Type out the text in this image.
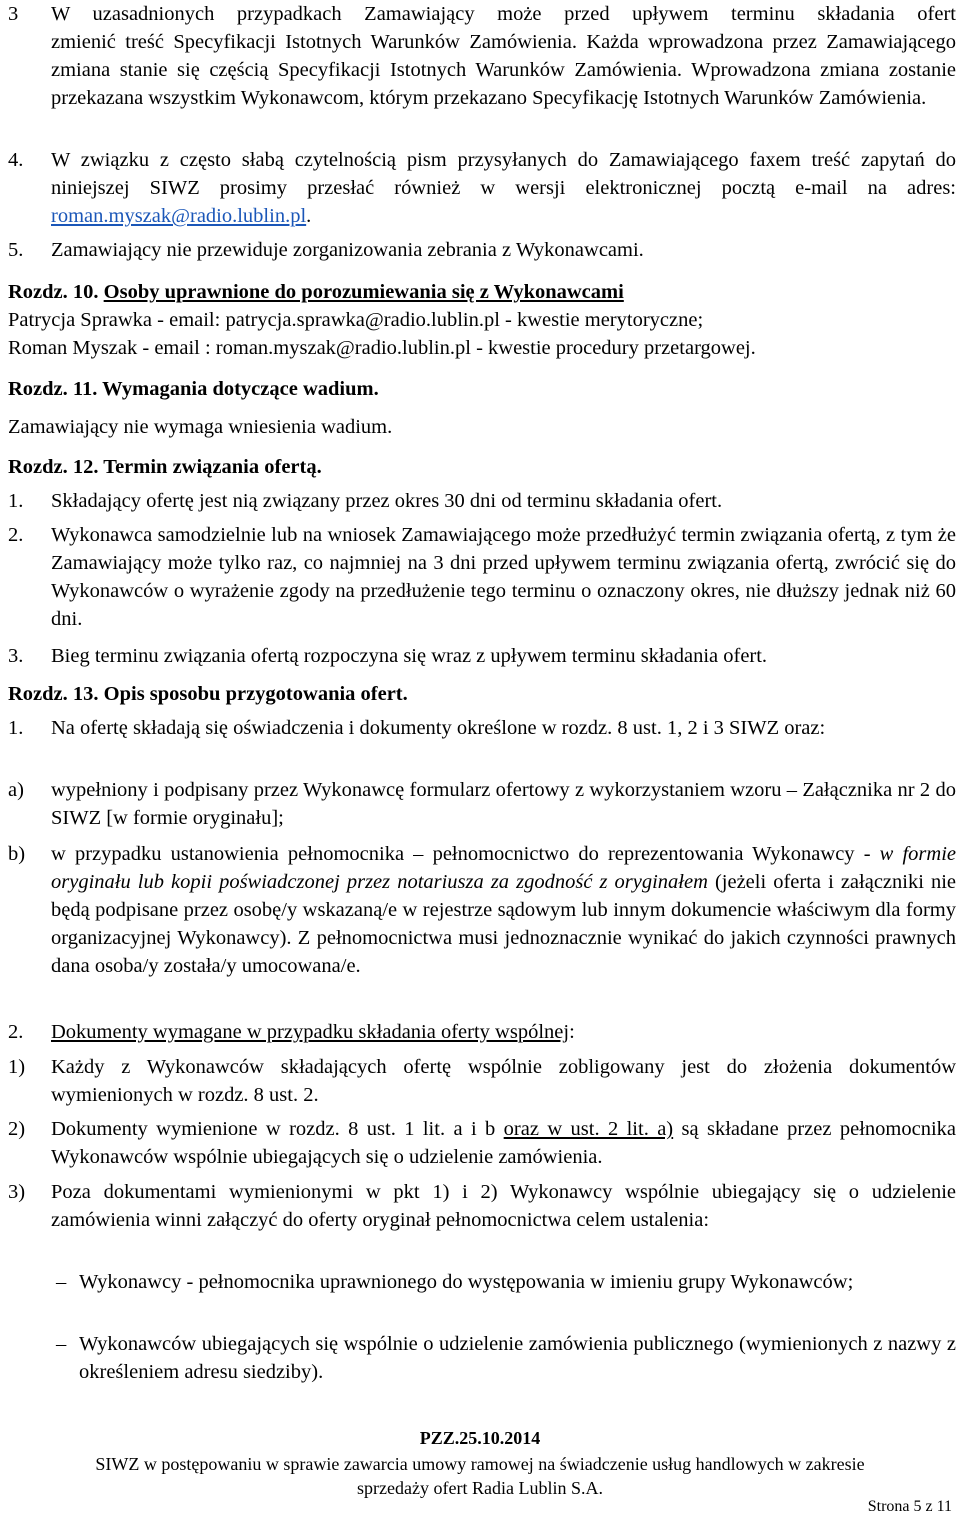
3 W uzasadnionych przypadkach Zamawiający może przed upływem terminu składania ofert
zmienić treść Specyfikacji Istotnych Warunków Zamówienia. Każda wprowadzona przez Zamawiającego zmiana stanie się częścią Specyfikacji Istotnych Warunków Zamówienia. Wprowadzona zmiana zostanie przekazana wszystkim Wykonawcom, którym przekazano Specyfikację Istotnych Warunków Zamówienia.
4. W związku z często słabą czytelnością pism przysyłanych do Zamawiającego faxem treść zapytań do niniejszej SIWZ prosimy przesłać również w wersji elektronicznej pocztą e-mail na adres: roman.myszak@radio.lublin.pl.
5. Zamawiający nie przewiduje zorganizowania zebrania z Wykonawcami.
Rozdz. 10. Osoby uprawnione do porozumiewania się z Wykonawcami
Patrycja Sprawka - email: patrycja.sprawka@radio.lublin.pl - kwestie merytoryczne;
Roman Myszak - email : roman.myszak@radio.lublin.pl - kwestie procedury przetargowej.
Rozdz. 11. Wymagania dotyczące wadium.
Zamawiający nie wymaga wniesienia wadium.
Rozdz. 12. Termin związania ofertą.
1. Składający ofertę jest nią związany przez okres 30 dni od terminu składania ofert.
2. Wykonawca samodzielnie lub na wniosek Zamawiającego może przedłużyć termin związania ofertą, z tym że Zamawiający może tylko raz, co najmniej na 3 dni przed upływem terminu związania ofertą, zwrócić się do Wykonawców o wyrażenie zgody na przedłużenie tego terminu o oznaczony okres, nie dłuższy jednak niż 60 dni.
3. Bieg terminu związania ofertą rozpoczyna się wraz z upływem terminu składania ofert.
Rozdz. 13. Opis sposobu przygotowania ofert.
1. Na ofertę składają się oświadczenia i dokumenty określone w rozdz. 8 ust. 1, 2 i 3 SIWZ oraz:
a) wypełniony i podpisany przez Wykonawcę formularz ofertowy z wykorzystaniem wzoru – Załącznika nr 2 do SIWZ [w formie oryginału];
b) w przypadku ustanowienia pełnomocnika – pełnomocnictwo do reprezentowania Wykonawcy - w formie oryginału lub kopii poświadczonej przez notariusza za zgodność z oryginałem (jeżeli oferta i załączniki nie będą podpisane przez osobę/y wskazaną/e w rejestrze sądowym lub innym dokumencie właściwym dla formy organizacyjnej Wykonawcy). Z pełnomocnictwa musi jednoznacznie wynikać do jakich czynności prawnych dana osoba/y została/y umocowana/e.
2. Dokumenty wymagane w przypadku składania oferty wspólnej:
1) Każdy z Wykonawców składających ofertę wspólnie zobligowany jest do złożenia dokumentów wymienionych w rozdz. 8 ust. 2.
2) Dokumenty wymienione w rozdz. 8 ust. 1 lit. a i b oraz w ust. 2 lit. a) są składane przez pełnomocnika Wykonawców wspólnie ubiegających się o udzielenie zamówienia.
3) Poza dokumentami wymienionymi w pkt 1) i 2) Wykonawcy wspólnie ubiegający się o udzielenie zamówienia winni załączyć do oferty oryginał pełnomocnictwa celem ustalenia:
– Wykonawcy - pełnomocnika uprawnionego do występowania w imieniu grupy Wykonawców;
– Wykonawców ubiegających się wspólnie o udzielenie zamówienia publicznego (wymienionych z nazwy z określeniem adresu siedziby).
PZZ.25.10.2014
SIWZ w postępowaniu w sprawie zawarcia umowy ramowej na świadczenie usług handlowych w zakresie
sprzedaży ofert Radia Lublin S.A.
Strona 5 z 11
